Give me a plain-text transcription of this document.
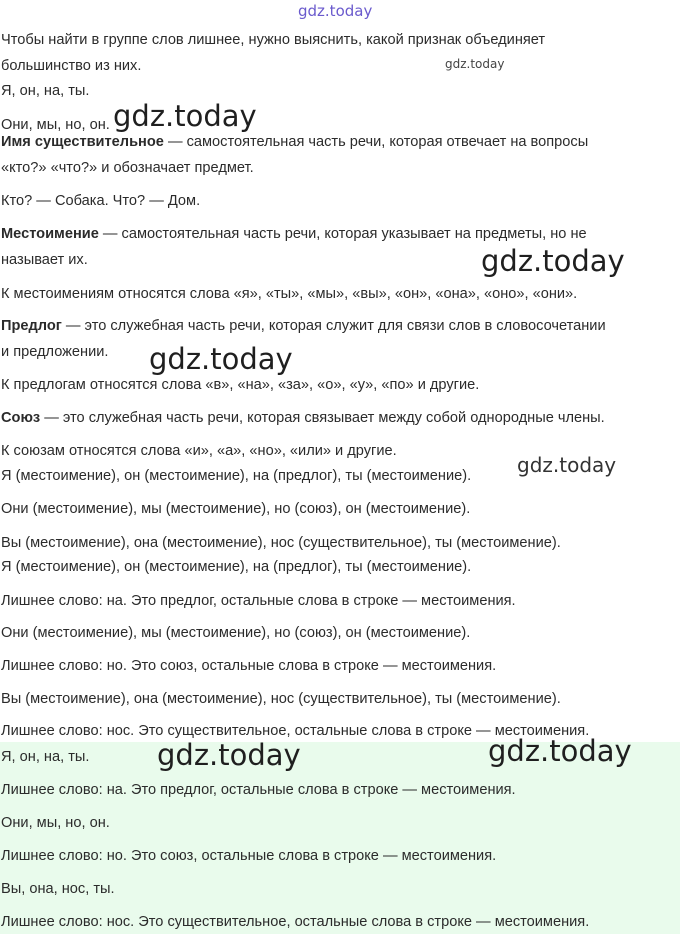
gdz.today
gdz.today
Чтобы найти в группе слов лишнее, нужно выяснить, какой признак объединяет
большинство из них.
Я, он, на, ты.
Они, мы, но, он.
Имя существительное — самостоятельная часть речи, которая отвечает на вопросы
«кто?» «что?» и обозначает предмет.
Кто? — Собака. Что? — Дом.
Местоимение — самостоятельная часть речи, которая указывает на предметы, но не
называет их.
К местоимениям относятся слова «я», «ты», «мы», «вы», «он», «она», «оно», «они».
Предлог — это служебная часть речи, которая служит для связи слов в словосочетании
и предложении.
К предлогам относятся слова «в», «на», «за», «о», «у», «по» и другие.
Союз — это служебная часть речи, которая связывает между собой однородные члены.
К союзам относятся слова «и», «а», «но», «или» и другие.
Я (местоимение), он (местоимение), на (предлог), ты (местоимение).
Они (местоимение), мы (местоимение), но (союз), он (местоимение).
Вы (местоимение), она (местоимение), нос (существительное), ты (местоимение).
Я (местоимение), он (местоимение), на (предлог), ты (местоимение).
Лишнее слово: на. Это предлог, остальные слова в строке — местоимения.
Они (местоимение), мы (местоимение), но (союз), он (местоимение).
Лишнее слово: но. Это союз, остальные слова в строке — местоимения.
Вы (местоимение), она (местоимение), нос (существительное), ты (местоимение).
Лишнее слово: нос. Это существительное, остальные слова в строке — местоимения.
Я, он, на, ты.
Лишнее слово: на. Это предлог, остальные слова в строке — местоимения.
Они, мы, но, он.
Лишнее слово: но. Это союз, остальные слова в строке — местоимения.
Вы, она, нос, ты.
Лишнее слово: нос. Это существительное, остальные слова в строке — местоимения.
gdz.today
gdz.today
gdz.today
gdz.today
gdz.today	gdz.today
